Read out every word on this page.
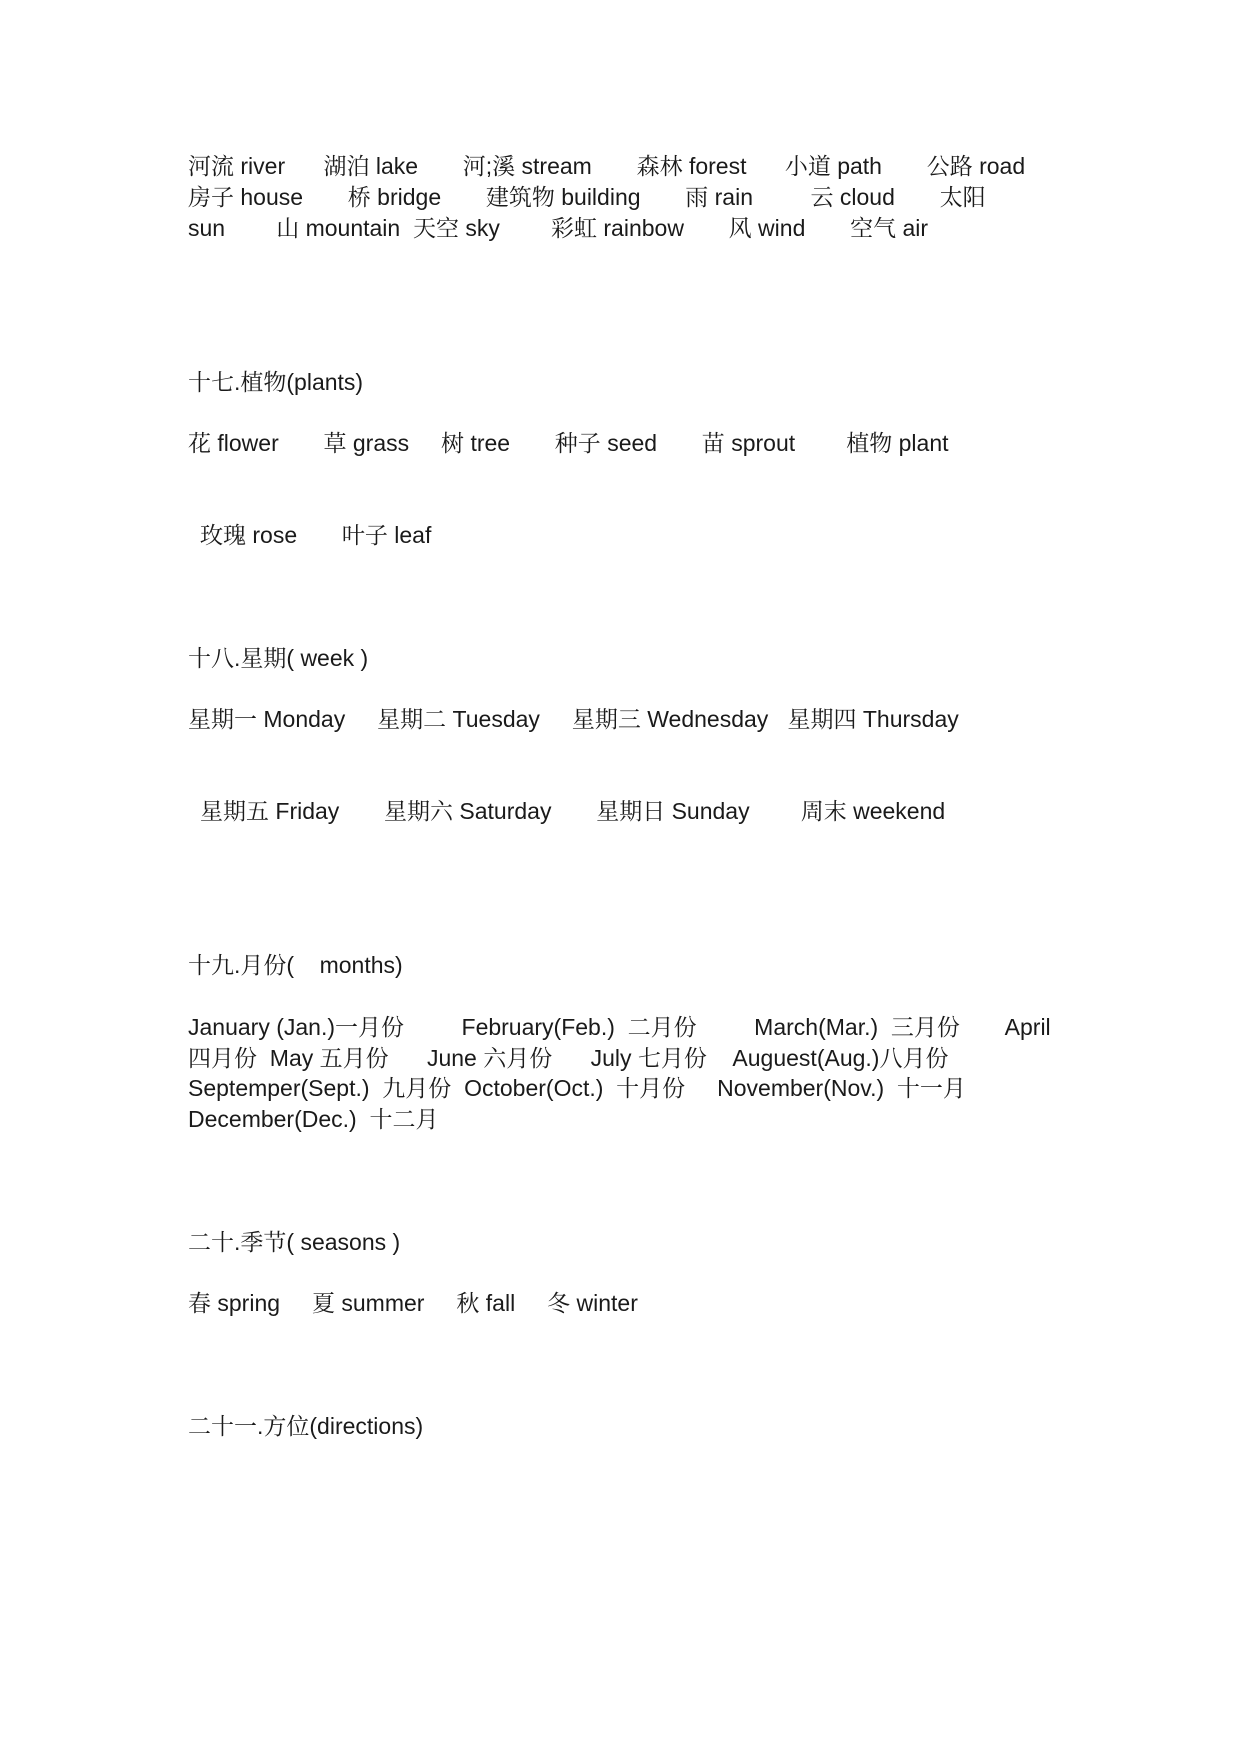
河流 river      湖泊 lake       河;溪 stream       森林 forest      小道 path       公路 road
房子 house       桥 bridge       建筑物 building       雨 rain         云 cloud       太阳
sun        山 mountain  天空 sky        彩虹 rainbow       风 wind       空气 air
十七.植物(plants)
花 flower       草 grass     树 tree       种子 seed       苗 sprout        植物 plant
玫瑰 rose       叶子 leaf
十八.星期( week )
星期一 Monday     星期二 Tuesday     星期三 Wednesday   星期四 Thursday
星期五 Friday       星期六 Saturday       星期日 Sunday        周末 weekend
十九.月份(    months)
January (Jan.)一月份         February(Feb.)  二月份         March(Mar.)  三月份       April
四月份  May 五月份      June 六月份      July 七月份    Auguest(Aug.)八月份
Septemper(Sept.)  九月份  October(Oct.)  十月份     November(Nov.)  十一月
December(Dec.)  十二月
二十.季节( seasons )
春 spring     夏 summer     秋 fall     冬 winter
二十一.方位(directions)
